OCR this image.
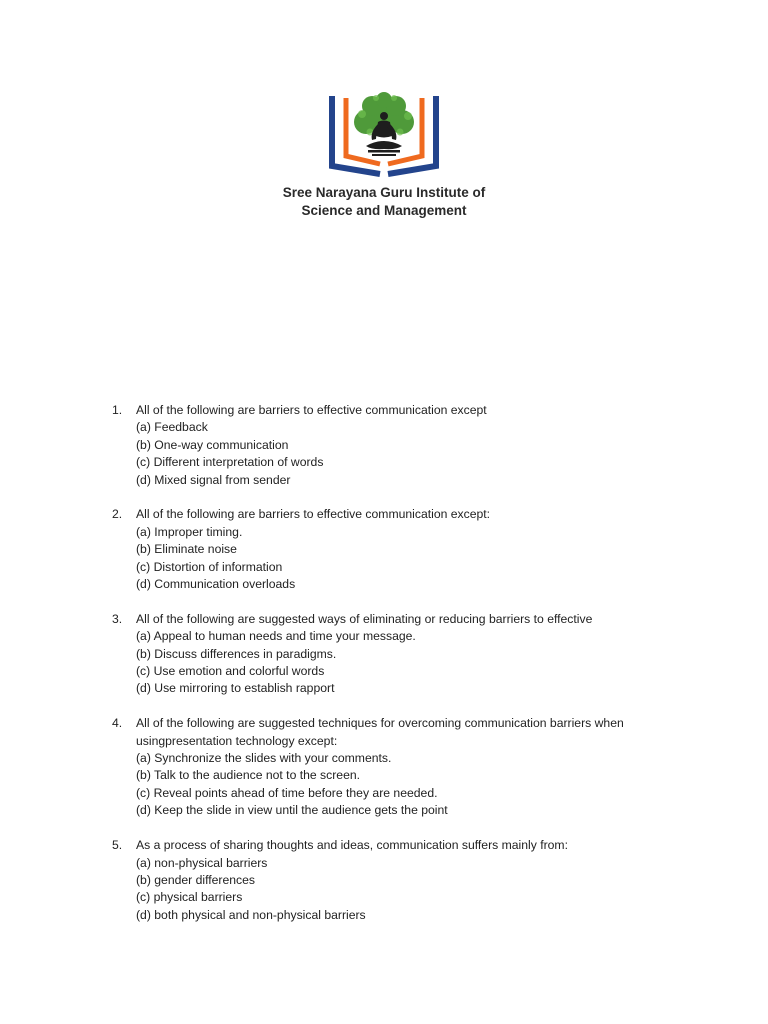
Sree Narayana Guru Institute of
Science and Management
1.	All of the following are barriers to effective communication except
(a) Feedback
(b) One-way communication
(c) Different interpretation of words
(d) Mixed signal from sender
2.	All of the following are barriers to effective communication except:
(a) Improper timing.
(b) Eliminate noise
(c) Distortion of information
(d) Communication overloads
3.	All of the following are suggested ways of eliminating or reducing barriers to effective
(a) Appeal to human needs and time your message.
(b) Discuss differences in paradigms.
(c) Use emotion and colorful words
(d) Use mirroring to establish rapport
4.	All of the following are suggested techniques for overcoming communication barriers when usingpresentation technology except:
(a) Synchronize the slides with your comments.
(b) Talk to the audience not to the screen.
(c) Reveal points ahead of time before they are needed.
(d) Keep the slide in view until the audience gets the point
5.	As a process of sharing thoughts and ideas, communication suffers mainly from:
(a) non-physical barriers
(b) gender differences
(c) physical barriers
(d) both physical and non-physical barriers
